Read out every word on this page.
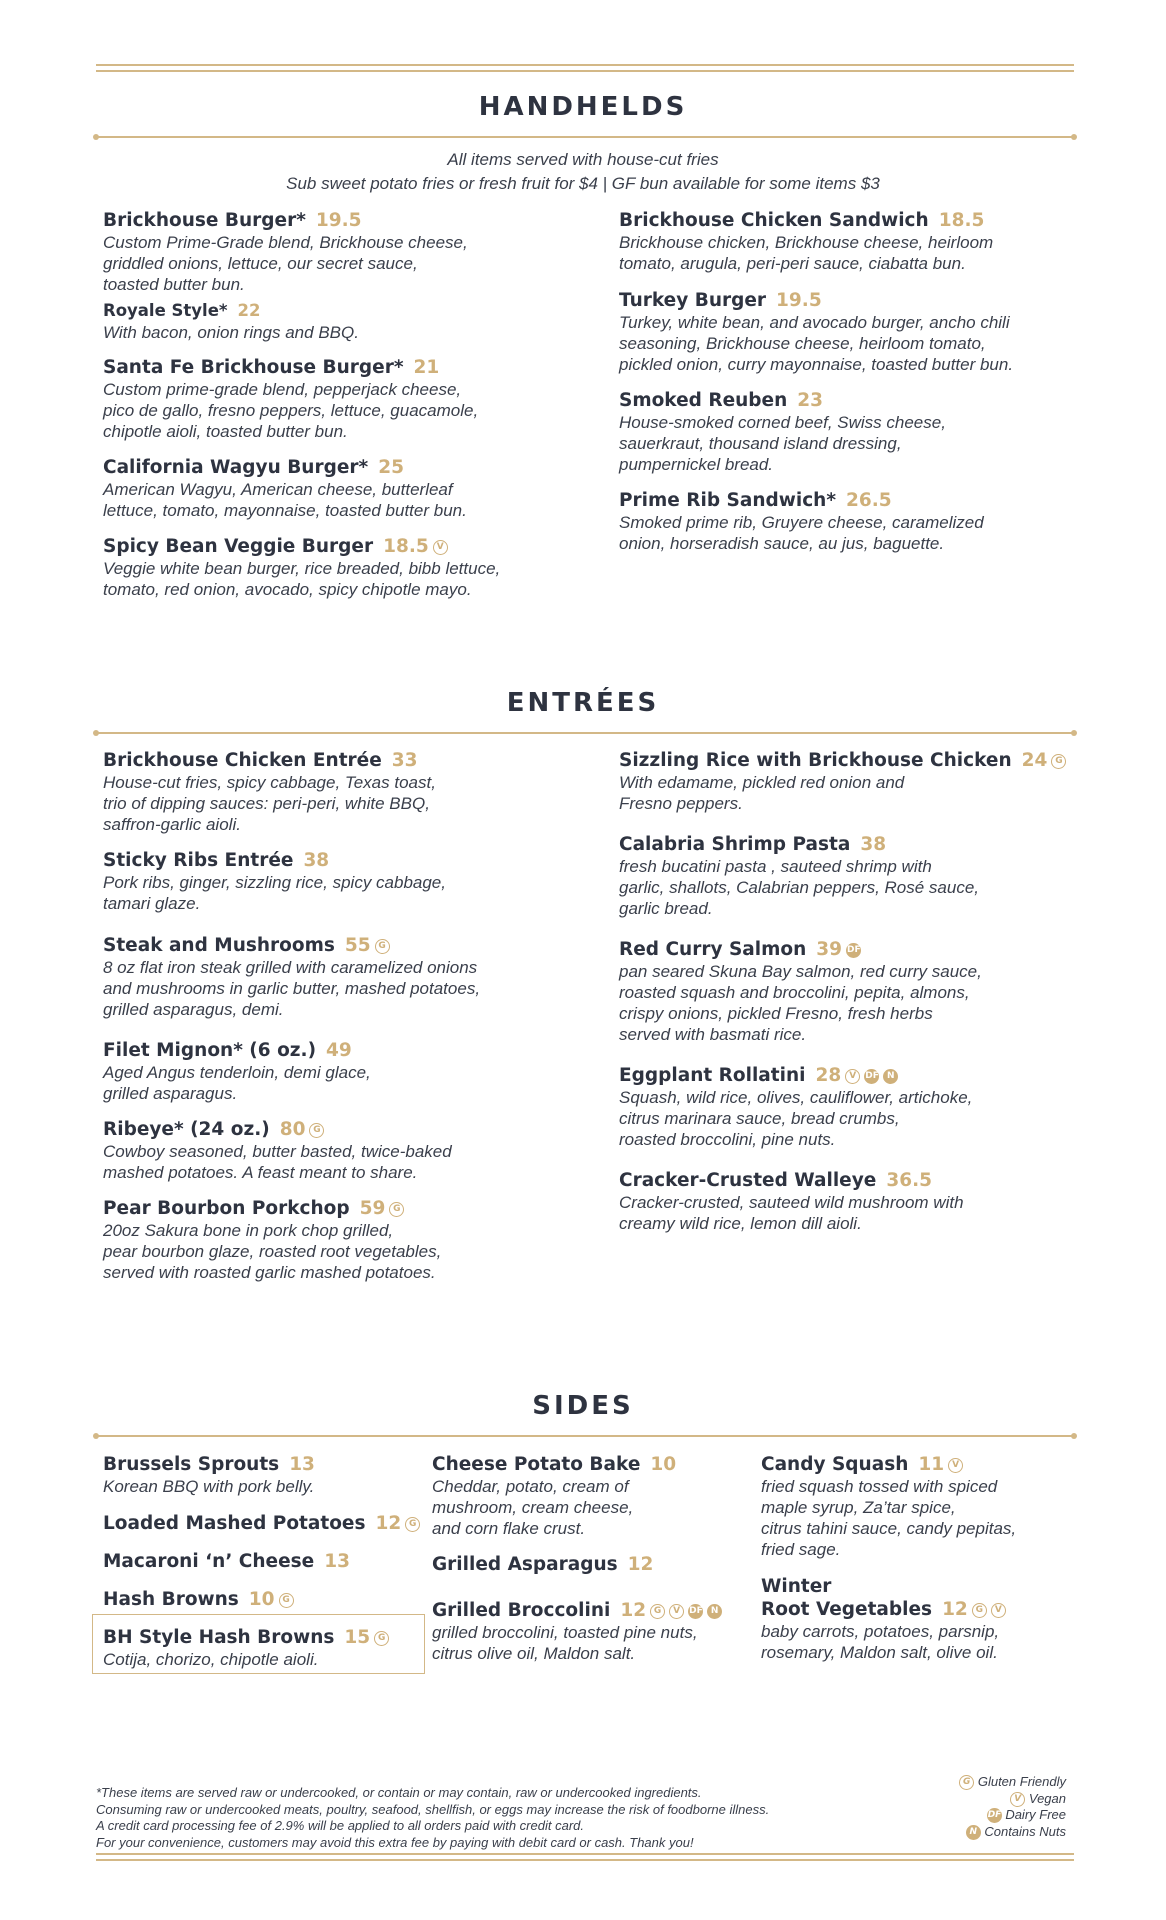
HANDHELDS
All items served with house-cut fries
Sub sweet potato fries or fresh fruit for $4 | GF bun available for some items $3
Brickhouse Burger* 19.5
Custom Prime-Grade blend, Brickhouse cheese,
griddled onions, lettuce, our secret sauce,
toasted butter bun.
Royale Style* 22
With bacon, onion rings and BBQ.
Santa Fe Brickhouse Burger* 21
Custom prime-grade blend, pepperjack cheese,
pico de gallo, fresno peppers, lettuce, guacamole,
chipotle aioli, toasted butter bun.
California Wagyu Burger* 25
American Wagyu, American cheese, butterleaf
lettuce, tomato, mayonnaise, toasted butter bun.
Spicy Bean Veggie Burger 18.5 V
Veggie white bean burger, rice breaded, bibb lettuce,
tomato, red onion, avocado, spicy chipotle mayo.
Brickhouse Chicken Sandwich 18.5
Brickhouse chicken, Brickhouse cheese, heirloom
tomato, arugula, peri-peri sauce, ciabatta bun.
Turkey Burger 19.5
Turkey, white bean, and avocado burger, ancho chili
seasoning, Brickhouse cheese, heirloom tomato,
pickled onion, curry mayonnaise, toasted butter bun.
Smoked Reuben 23
House-smoked corned beef, Swiss cheese,
sauerkraut, thousand island dressing,
pumpernickel bread.
Prime Rib Sandwich* 26.5
Smoked prime rib, Gruyere cheese, caramelized
onion, horseradish sauce, au jus, baguette.
ENTRÉES
Brickhouse Chicken Entrée 33
House-cut fries, spicy cabbage, Texas toast,
trio of dipping sauces: peri-peri, white BBQ,
saffron-garlic aioli.
Sticky Ribs Entrée 38
Pork ribs, ginger, sizzling rice, spicy cabbage,
tamari glaze.
Steak and Mushrooms 55 G
8 oz flat iron steak grilled with caramelized onions
and mushrooms in garlic butter, mashed potatoes,
grilled asparagus, demi.
Filet Mignon* (6 oz.) 49
Aged Angus tenderloin, demi glace,
grilled asparagus.
Ribeye* (24 oz.) 80 G
Cowboy seasoned, butter basted, twice-baked
mashed potatoes. A feast meant to share.
Pear Bourbon Porkchop 59 G
20oz Sakura bone in pork chop grilled,
pear bourbon glaze, roasted root vegetables,
served with roasted garlic mashed potatoes.
Sizzling Rice with Brickhouse Chicken 24 G
With edamame, pickled red onion and
Fresno peppers.
Calabria Shrimp Pasta 38
fresh bucatini pasta , sauteed shrimp with
garlic, shallots, Calabrian peppers, Rosé sauce,
garlic bread.
Red Curry Salmon 39 DF
pan seared Skuna Bay salmon, red curry sauce,
roasted squash and broccolini, pepita, almons,
crispy onions, pickled Fresno, fresh herbs
served with basmati rice.
Eggplant Rollatini 28 V DF N
Squash, wild rice, olives, cauliflower, artichoke,
citrus marinara sauce, bread crumbs,
roasted broccolini, pine nuts.
Cracker-Crusted Walleye 36.5
Cracker-crusted, sauteed wild mushroom with
creamy wild rice, lemon dill aioli.
SIDES
Brussels Sprouts 13
Korean BBQ with pork belly.
Loaded Mashed Potatoes 12 G
Macaroni ‘n’ Cheese 13
Hash Browns 10 G
BH Style Hash Browns 15 G
Cotija, chorizo, chipotle aioli.
Cheese Potato Bake 10
Cheddar, potato, cream of
mushroom, cream cheese,
and corn flake crust.
Grilled Asparagus 12
Grilled Broccolini 12 G V DF N
grilled broccolini, toasted pine nuts,
citrus olive oil, Maldon salt.
Candy Squash 11 V
fried squash tossed with spiced
maple syrup, Za’tar spice,
citrus tahini sauce, candy pepitas,
fried sage.
Winter
Root Vegetables 12 G V
baby carrots, potatoes, parsnip,
rosemary, Maldon salt, olive oil.
*These items are served raw or undercooked, or contain or may contain, raw or undercooked ingredients.
Consuming raw or undercooked meats, poultry, seafood, shellfish, or eggs may increase the risk of foodborne illness.
A credit card processing fee of 2.9% will be applied to all orders paid with credit card.
For your convenience, customers may avoid this extra fee by paying with debit card or cash. Thank you!
G Gluten Friendly
V Vegan
DF Dairy Free
N Contains Nuts
